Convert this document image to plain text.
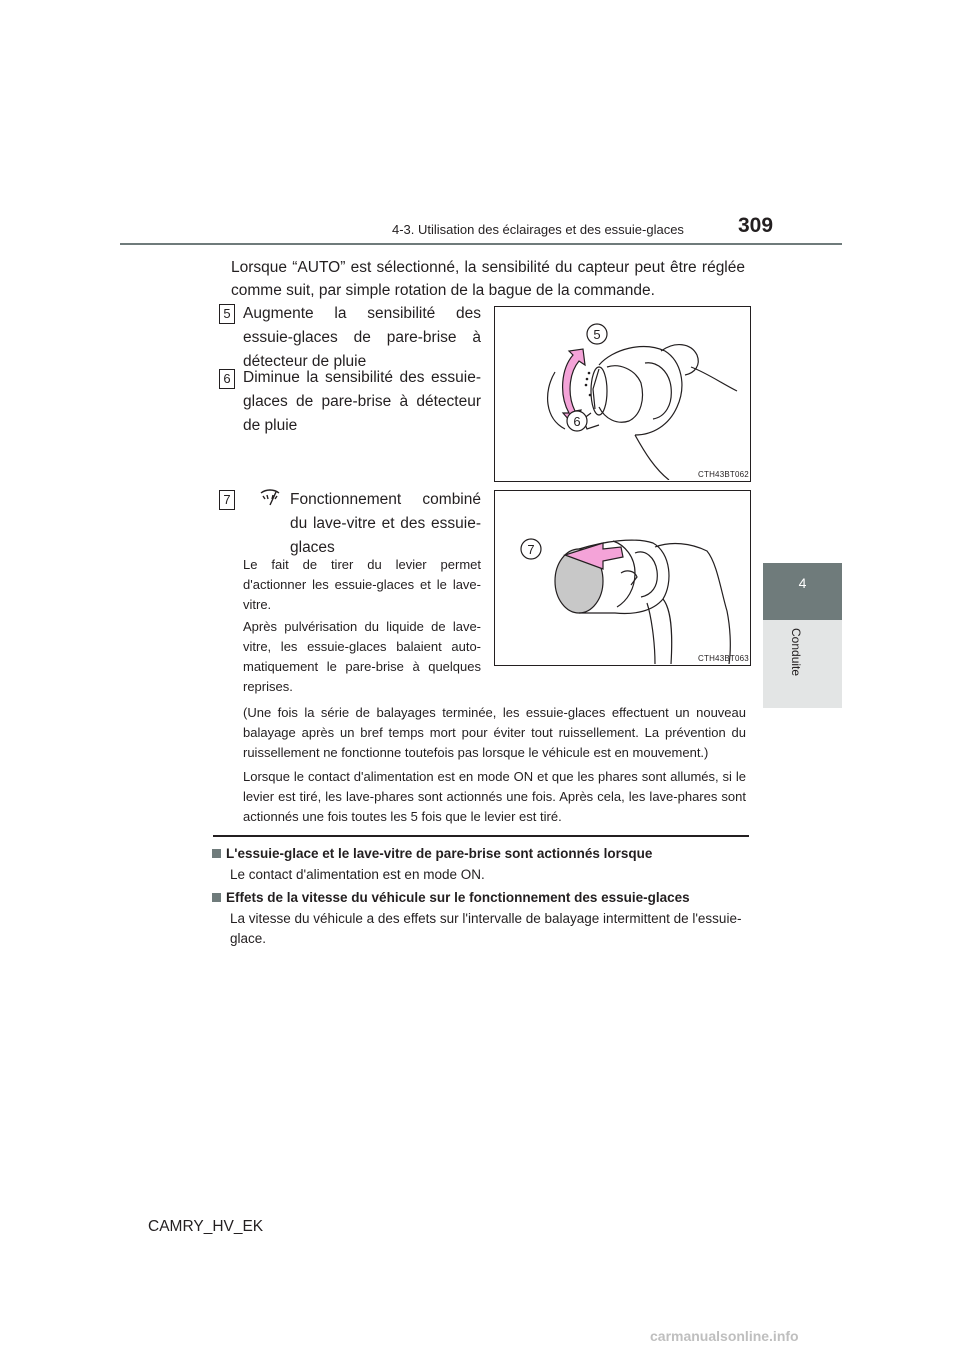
4-3. Utilisation des éclairages et des essuie-glaces	309
4
Conduite
Lorsque “AUTO” est sélectionné, la sensibilité du capteur peut être réglée comme suit, par simple rotation de la bague de la commande.
5 Augmente la sensibilité des
essuie-glaces de pare-brise à
détecteur de pluie
6 Diminue la sensibilité des essuie-
glaces de pare-brise à détecteur
de pluie
5
6
CTH43BT062
7	Fonctionnement combiné
du lave-vitre et des essuie-
glaces
Le fait de tirer du levier permet
d'actionner les essuie-glaces et le lave-
vitre.
Après pulvérisation du liquide de lave-
vitre, les essuie-glaces balaient auto-
matiquement le pare-brise à quelques
reprises.
7
CTH43BT063
(Une fois la série de balayages terminée, les essuie-glaces effectuent un nouveau balayage après un bref temps mort pour éviter tout ruissellement. La prévention du ruissellement ne fonctionne toutefois pas lorsque le véhicule est en mouvement.)
Lorsque le contact d'alimentation est en mode ON et que les phares sont allumés, si le levier est tiré, les lave-phares sont actionnés une fois. Après cela, les lave-phares sont actionnés une fois toutes les 5 fois que le levier est tiré.
L'essuie-glace et le lave-vitre de pare-brise sont actionnés lorsque
Le contact d'alimentation est en mode ON.
Effets de la vitesse du véhicule sur le fonctionnement des essuie-glaces
La vitesse du véhicule a des effets sur l'intervalle de balayage intermittent de l'essuie-glace.
CAMRY_HV_EK
carmanualsonline.info
